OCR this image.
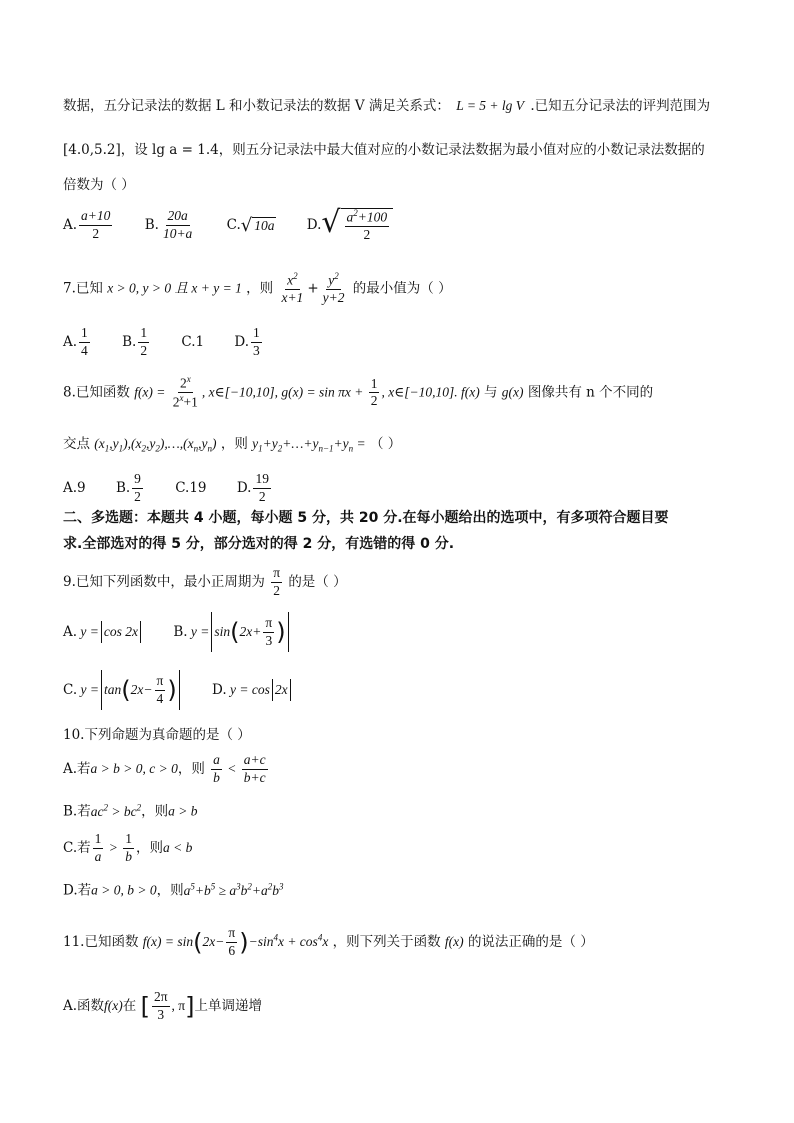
数据，五分记录法的数据 L 和小数记录法的数据 V 满足关系式： L = 5 + lg V .已知五分记录法的评判范围为
[4.0,5.2]，设 lg a = 1.4，则五分记录法中最大值对应的小数记录法数据为最小值对应的小数记录法数据的
倍数为（ ）
A. $\frac{a+10}{2}$
B. $\frac{20a}{10+a}$
C. √ 10a
D. √ $\frac{a^2+100}{2}$
7.已知 x > 0, y > 0 且 x + y = 1 ，则 $\frac{x^2}{x+1} + \frac{y^2}{y+2}$ 的最小值为（ ）
A. $\frac{1}{4}$
B. $\frac{1}{2} C.1$ D. $\frac{1}{3}$
8.已知函数 $f(x) = \frac{2^x}{2^x+1}$ , x∈[−10,10], $g(x) = \sin \pi x + \frac{1}{2}$ , x∈[−10,10]. f(x) 与 g(x) 图像共有 n 个不同的
交点 $(x_1,y_1),(x_2,y_2),\dots,(x_n,y_n)$ ，则 $y_1+y_2+\dots+y_{n-1}+y_n$ = （ ）
A.9 B. $\frac{9}{2} C.19$ D. $\frac{19}{2}$
二、多选题：本题共 4 小题，每小题 5 分，共 20 分.在每小题给出的选项中，有多项符合题目要
求.全部选对的得 5 分，部分选对的得 2 分，有选错的得 0 分.
9.已知下列函数中，最小正周期为 $\frac{\pi}{2}$ 的是（ ）
A. y = cos 2x
	B. y = sin ( $2x+ \frac{\pi}{3}$ )
C. y = tan ( $2x- \frac{\pi}{4}$ )
	D. y = cos 2x
10.下列命题为真命题的是（ ）
A.若a > b > 0, c > 0，则 $\frac{a}{b} < \frac{a+c}{b+c}$
B.若$ac^2 > bc^2$，则a > b
C.若 $\frac{1}{a} > \frac{1}{b}$ ，则a < b
D.若a > 0, b > 0，则$a^5+b^5 \ge a^3b^2+a^2b^3$
11.已知函数 $f(x) = \sin(2x- \frac{\pi}{6} )-\sin^4x + \cos^4x$ ，则下列关于函数 f(x) 的说法正确的是（ ）
A.函数f(x)在 [ $\frac{2\pi}{3}$ , π]上单调递增
